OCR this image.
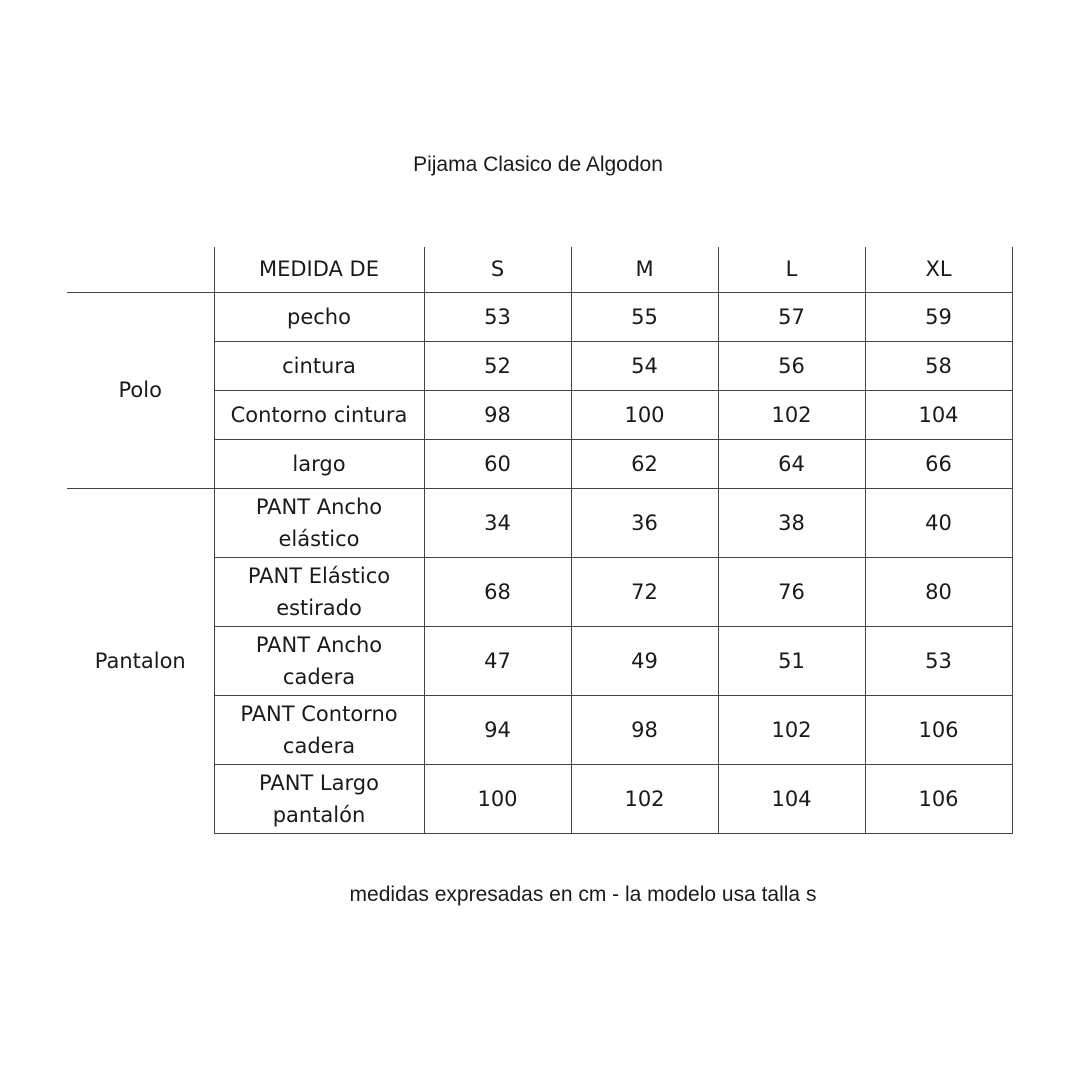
Pijama Clasico de Algodon
	MEDIDA DE	S	M	L	XL
Polo	pecho	53	55	57	59
	cintura	52	54	56	58
	Contorno cintura	98	100	102	104
	largo	60	62	64	66
Pantalon	PANT Ancho elástico	34	36	38	40
	PANT Elástico estirado	68	72	76	80
	PANT Ancho cadera	47	49	51	53
	PANT Contorno cadera	94	98	102	106
	PANT Largo pantalón	100	102	104	106
medidas expresadas en cm - la modelo usa talla s
